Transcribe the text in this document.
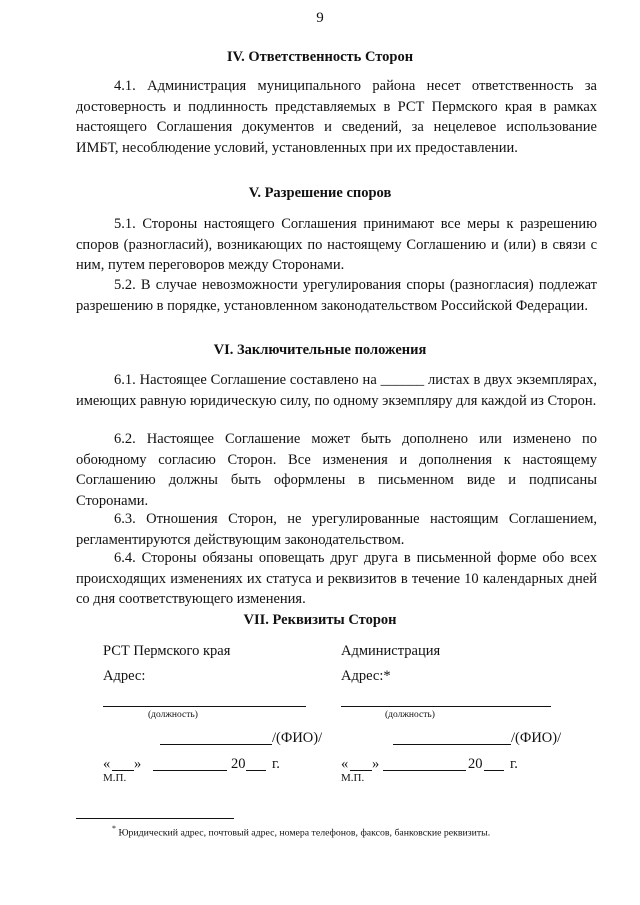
9
IV. Ответственность Сторон
4.1. Администрация муниципального района несет ответственность за достоверность и подлинность представляемых в РСТ Пермского края в рамках настоящего Соглашения документов и сведений, за нецелевое использование ИМБТ, несоблюдение условий, установленных при их предоставлении.
V. Разрешение споров
5.1. Стороны настоящего Соглашения принимают все меры к разрешению споров (разногласий), возникающих по настоящему Соглашению и (или) в связи с ним, путем переговоров между Сторонами.
5.2. В случае невозможности урегулирования споры (разногласия) подлежат разрешению в порядке, установленном законодательством Российской Федерации.
VI. Заключительные положения
6.1. Настоящее Соглашение составлено на ______ листах в двух экземплярах, имеющих равную юридическую силу, по одному экземпляру для каждой из Сторон.
6.2. Настоящее Соглашение может быть дополнено или изменено по обоюдному согласию Сторон. Все изменения и дополнения к настоящему Соглашению должны быть оформлены в письменном виде и подписаны Сторонами.
6.3. Отношения Сторон, не урегулированные настоящим Соглашением, регламентируются действующим законодательством.
6.4. Стороны обязаны оповещать друг друга в письменной форме обо всех происходящих изменениях их статуса и реквизитов в течение 10 календарных дней со дня соответствующего изменения.
VII. Реквизиты Сторон
РСТ Пермского края
Адрес:
(должность)
/(ФИО)/
« »	20 г.
М.П.
Администрация
Адрес:*
(должность)
/(ФИО)/
« »	20 г.
М.П.
* Юридический адрес, почтовый адрес, номера телефонов, факсов, банковские реквизиты.
